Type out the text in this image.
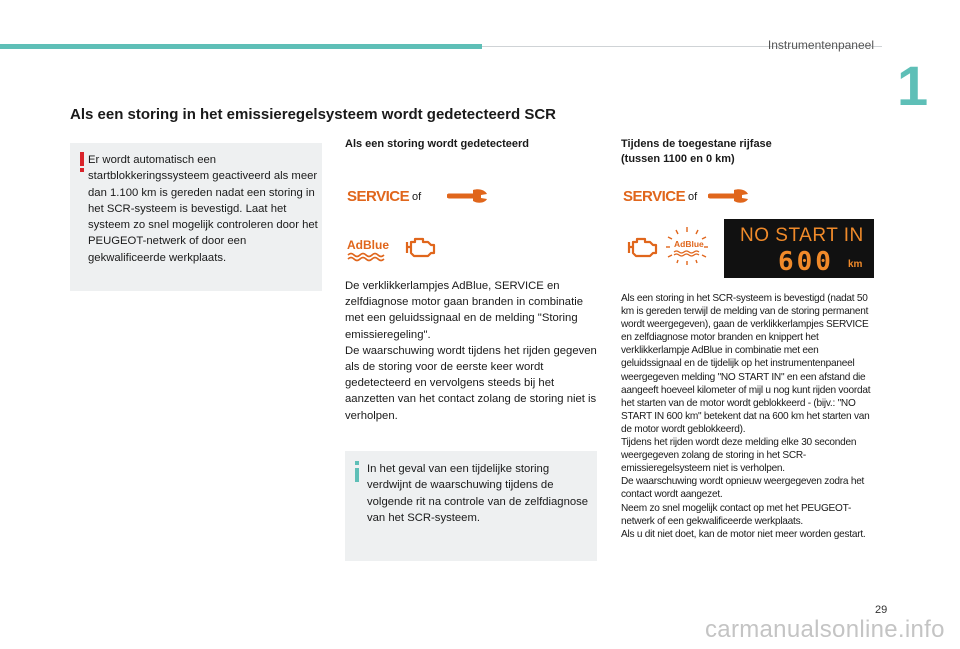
Instrumentenpaneel
1
Als een storing in het emissieregelsysteem wordt gedetecteerd SCR
Er wordt automatisch een startblokkeringssysteem geactiveerd als meer dan 1.100 km is gereden nadat een storing in het SCR-systeem is bevestigd. Laat het systeem zo snel mogelijk controleren door het PEUGEOT-netwerk of door een gekwalificeerde werkplaats.
Als een storing wordt gedetecteerd
SERVICE of
AdBlue
De verklikkerlampjes AdBlue, SERVICE en zelfdiagnose motor gaan branden in combinatie met een geluidssignaal en de melding "Storing emissieregeling".
De waarschuwing wordt tijdens het rijden gegeven als de storing voor de eerste keer wordt gedetecteerd en vervolgens steeds bij het aanzetten van het contact zolang de storing niet is verholpen.
In het geval van een tijdelijke storing verdwijnt de waarschuwing tijdens de volgende rit na controle van de zelfdiagnose van het SCR-systeem.
Tijdens de toegestane rijfase
(tussen 1100 en 0 km)
SERVICE of
AdBlue NO START IN
600 km
Als een storing in het SCR-systeem is bevestigd (nadat 50 km is gereden terwijl de melding van de storing permanent wordt weergegeven), gaan de verklikkerlampjes SERVICE en zelfdiagnose motor branden en knippert het verklikkerlampje AdBlue in combinatie met een geluidssignaal en de tijdelijk op het instrumentenpaneel weergegeven melding "NO START IN" en een afstand die aangeeft hoeveel kilometer of mijl u nog kunt rijden voordat het starten van de motor wordt geblokkeerd - (bijv.: "NO START IN 600 km" betekent dat na 600 km het starten van de motor wordt geblokkeerd).
Tijdens het rijden wordt deze melding elke 30 seconden weergegeven zolang de storing in het SCR-emissieregelsysteem niet is verholpen.
De waarschuwing wordt opnieuw weergegeven zodra het contact wordt aangezet.
Neem zo snel mogelijk contact op met het PEUGEOT-netwerk of een gekwalificeerde werkplaats.
Als u dit niet doet, kan de motor niet meer worden gestart.
29
carmanualsonline.info
